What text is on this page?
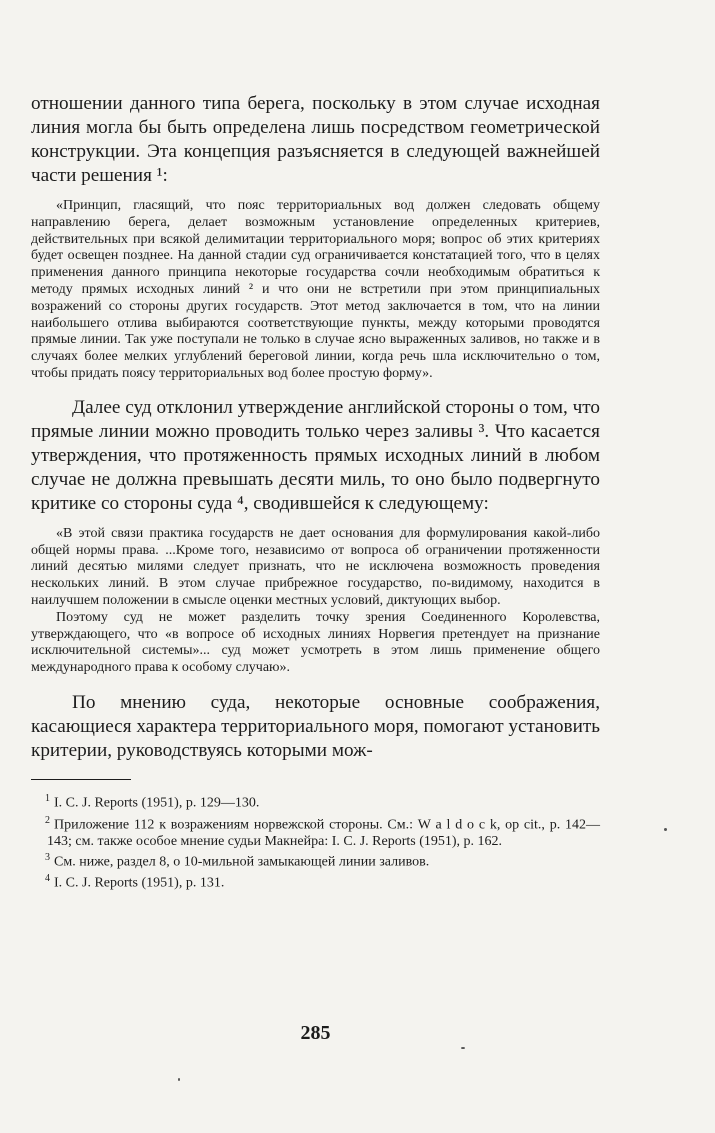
отношении данного типа берега, поскольку в этом случае исходная линия могла бы быть определена лишь посредством геометрической конструкции. Эта концепция разъясняется в следующей важнейшей части решения ¹:

«Принцип, гласящий, что пояс территориальных вод должен следовать общему направлению берега, делает возможным установление определенных критериев, действительных при всякой делимитации территориального моря; вопрос об этих критериях будет освещен позднее. На данной стадии суд ограничивается констатацией того, что в целях применения данного принципа некоторые государства сочли необходимым обратиться к методу прямых исходных линий ² и что они не встретили при этом принципиальных возражений со стороны других государств. Этот метод заключается в том, что на линии наибольшего отлива выбираются соответствующие пункты, между которыми проводятся прямые линии. Так уже поступали не только в случае ясно выраженных заливов, но также и в случаях более мелких углублений береговой линии, когда речь шла исключительно о том, чтобы придать поясу территориальных вод более простую форму».

Далее суд отклонил утверждение английской стороны о том, что прямые линии можно проводить только через заливы ³. Что касается утверждения, что протяженность прямых исходных линий в любом случае не должна превышать десяти миль, то оно было подвергнуто критике со стороны суда ⁴, сводившейся к следующему:

«В этой связи практика государств не дает основания для формулирования какой-либо общей нормы права. ...Кроме того, независимо от вопроса об ограничении протяженности линий десятью милями следует признать, что не исключена возможность проведения нескольких линий. В этом случае прибрежное государство, по-видимому, находится в наилучшем положении в смысле оценки местных условий, диктующих выбор.

Поэтому суд не может разделить точку зрения Соединенного Королевства, утверждающего, что «в вопросе об исходных линиях Норвегия претендует на признание исключительной системы»... суд может усмотреть в этом лишь применение общего международного права к особому случаю».

По мнению суда, некоторые основные соображения, касающиеся характера территориального моря, помогают установить критерии, руководствуясь которыми мож-

$^1$ I. C. J. Reports (1951), p. 129—130.

$^2$ Приложение 112 к возражениям норвежской стороны. См.: W a l d o c k, op cit., p. 142—143; см. также особое мнение судьи Макнейра: I. C. J. Reports (1951), p. 162.

$^3$ См. ниже, раздел 8, о 10-мильной замыкающей линии заливов.

$^4$ I. C. J. Reports (1951), p. 131.

285
